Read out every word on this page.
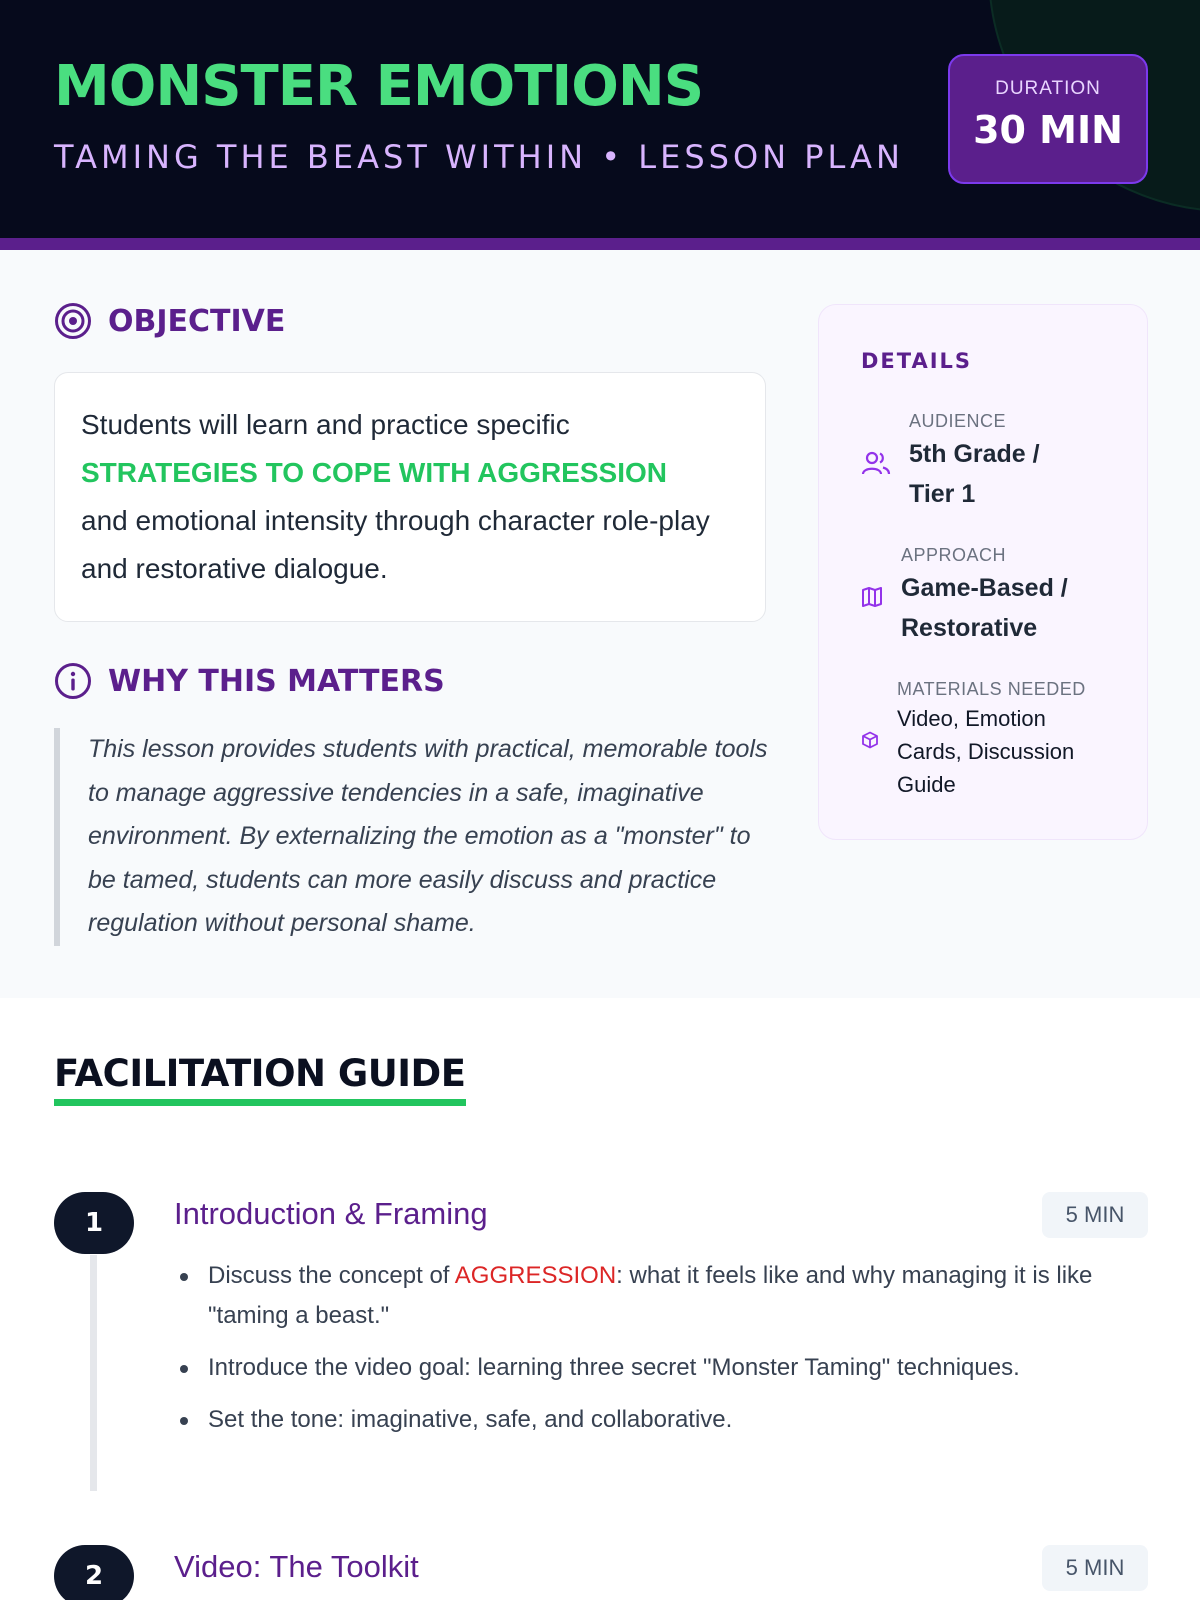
MONSTER EMOTIONS
TAMING THE BEAST WITHIN • LESSON PLAN
DURATION
30 MIN
OBJECTIVE
Students will learn and practice specific
STRATEGIES TO COPE WITH AGGRESSION
and emotional intensity through character role-play and restorative dialogue.
WHY THIS MATTERS
This lesson provides students with practical, memorable tools to manage aggressive tendencies in a safe, imaginative environment. By externalizing the emotion as a "monster" to be tamed, students can more easily discuss and practice regulation without personal shame.
DETAILS
AUDIENCE
5th Grade / Tier 1
APPROACH
Game-Based / Restorative
MATERIALS NEEDED
Video, Emotion Cards, Discussion Guide
FACILITATION GUIDE
1	Introduction & Framing	5 MIN
Discuss the concept of AGGRESSION: what it feels like and why managing it is like "taming a beast."
Introduce the video goal: learning three secret "Monster Taming" techniques.
Set the tone: imaginative, safe, and collaborative.
2	Video: The Toolkit	5 MIN
